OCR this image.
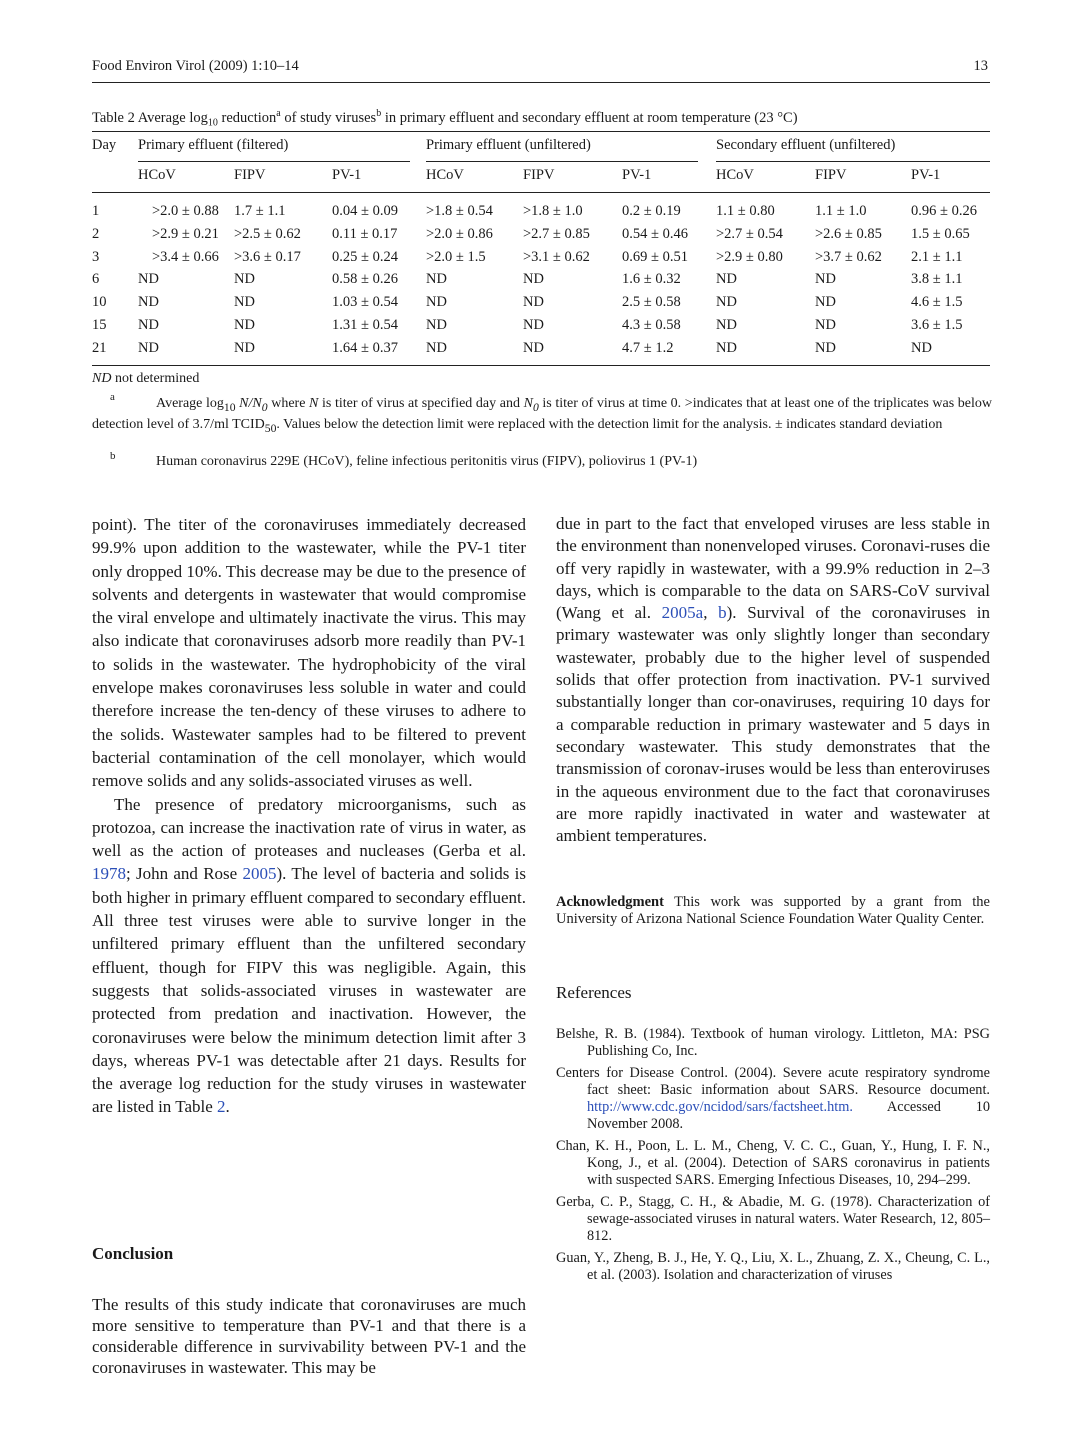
Food Environ Virol (2009) 1:10–14	13
Table 2 Average $\log_{10}$ reduction$^a$ of study viruses$^b$ in primary effluent and secondary effluent at room temperature (23 °C)
Day Primary effluent (filtered)	Primary effluent (unfiltered)	Secondary effluent (unfiltered)
HCoV	FIPV	PV-1	HCoV	FIPV	PV-1	HCoV	FIPV	PV-1
1	>2.0 ± 0.88 1.7 ± 1.1	0.04 ± 0.09 >1.8 ± 0.54 >1.8 ± 1.0	0.2 ± 0.19 1.1 ± 0.80	1.1 ± 1.0	0.96 ± 0.26
2	>2.9 ± 0.21 >2.5 ± 0.62 0.11 ± 0.17 >2.0 ± 0.86 >2.7 ± 0.85 0.54 ± 0.46 >2.7 ± 0.54 >2.6 ± 0.85 1.5 ± 0.65
3	>3.4 ± 0.66 >3.6 ± 0.17 0.25 ± 0.24 >2.0 ± 1.5	>3.1 ± 0.62 0.69 ± 0.51 >2.9 ± 0.80 >3.7 ± 0.62 2.1 ± 1.1
6	ND	ND	0.58 ± 0.26 ND	ND	1.6 ± 0.32 ND	ND	3.8 ± 1.1
10 ND	ND	1.03 ± 0.54 ND	ND	2.5 ± 0.58 ND	ND	4.6 ± 1.5
15 ND	ND	1.31 ± 0.54 ND	ND	4.3 ± 0.58 ND	ND	3.6 ± 1.5
21 ND	ND	1.64 ± 0.37 ND	ND	4.7 ± 1.2	ND	ND	ND
ND not determined
a	Average $\log_{10} N/N_0$ where N is titer of virus at specified day and $N_0$ is titer of virus at time 0. >indicates that at least one of the triplicates was below detection level of 3.7/ml $TCID_{50}$. Values below the detection limit were replaced with the detection limit for the analysis. ± indicates standard deviation
b	Human coronavirus 229E (HCoV), feline infectious peritonitis virus (FIPV), poliovirus 1 (PV-1)

point). The titer of the coronaviruses immediately decreased 99.9% upon addition to the wastewater, while the PV-1 titer only dropped 10%. This decrease may be due to the presence of solvents and detergents in wastewater that would compromise the viral envelope and ultimately inactivate the virus. This may also indicate that coronaviruses adsorb more readily than PV-1 to solids in the wastewater. The hydrophobicity of the viral envelope makes coronaviruses less soluble in water and could therefore increase the ten-dency of these viruses to adhere to the solids. Wastewater samples had to be filtered to prevent bacterial contamination of the cell monolayer, which would remove solids and any solids-associated viruses as well.

The presence of predatory microorganisms, such as protozoa, can increase the inactivation rate of virus in water, as well as the action of proteases and nucleases (Gerba et al. 1978; John and Rose 2005). The level of bacteria and solids is both higher in primary effluent compared to secondary effluent. All three test viruses were able to survive longer in the unfiltered primary effluent than the unfiltered secondary effluent, though for FIPV this was negligible. Again, this suggests that solids-associated viruses in wastewater are protected from predation and inactivation. However, the coronaviruses were below the minimum detection limit after 3 days, whereas PV-1 was detectable after 21 days. Results for the average log reduction for the study viruses in wastewater are listed in Table 2.

Conclusion
The results of this study indicate that coronaviruses are much more sensitive to temperature than PV-1 and that there is a considerable difference in survivability between PV-1 and the coronaviruses in wastewater. This may be

due in part to the fact that enveloped viruses are less stable in the environment than nonenveloped viruses. Coronavi-ruses die off very rapidly in wastewater, with a 99.9% reduction in 2–3 days, which is comparable to the data on SARS-CoV survival (Wang et al. 2005a, b). Survival of the coronaviruses in primary wastewater was only slightly longer than secondary wastewater, probably due to the higher level of suspended solids that offer protection from inactivation. PV-1 survived substantially longer than cor-onaviruses, requiring 10 days for a comparable reduction in primary wastewater and 5 days in secondary wastewater. This study demonstrates that the transmission of coronav-iruses would be less than enteroviruses in the aqueous environment due to the fact that coronaviruses are more rapidly inactivated in water and wastewater at ambient temperatures.

Acknowledgment This work was supported by a grant from the University of Arizona National Science Foundation Water Quality Center.
References
Belshe, R. B. (1984). Textbook of human virology. Littleton, MA: PSG Publishing Co, Inc.
Centers for Disease Control. (2004). Severe acute respiratory syndrome fact sheet: Basic information about SARS. Resource document. http://www.cdc.gov/ncidod/sars/factsheet.htm. Accessed 10 November 2008.
Chan, K. H., Poon, L. L. M., Cheng, V. C. C., Guan, Y., Hung, I. F. N., Kong, J., et al. (2004). Detection of SARS coronavirus in patients with suspected SARS. Emerging Infectious Diseases, 10, 294–299.
Gerba, C. P., Stagg, C. H., & Abadie, M. G. (1978). Characterization of sewage-associated viruses in natural waters. Water Research, 12, 805–812.
Guan, Y., Zheng, B. J., He, Y. Q., Liu, X. L., Zhuang, Z. X., Cheung, C. L., et al. (2003). Isolation and characterization of viruses
